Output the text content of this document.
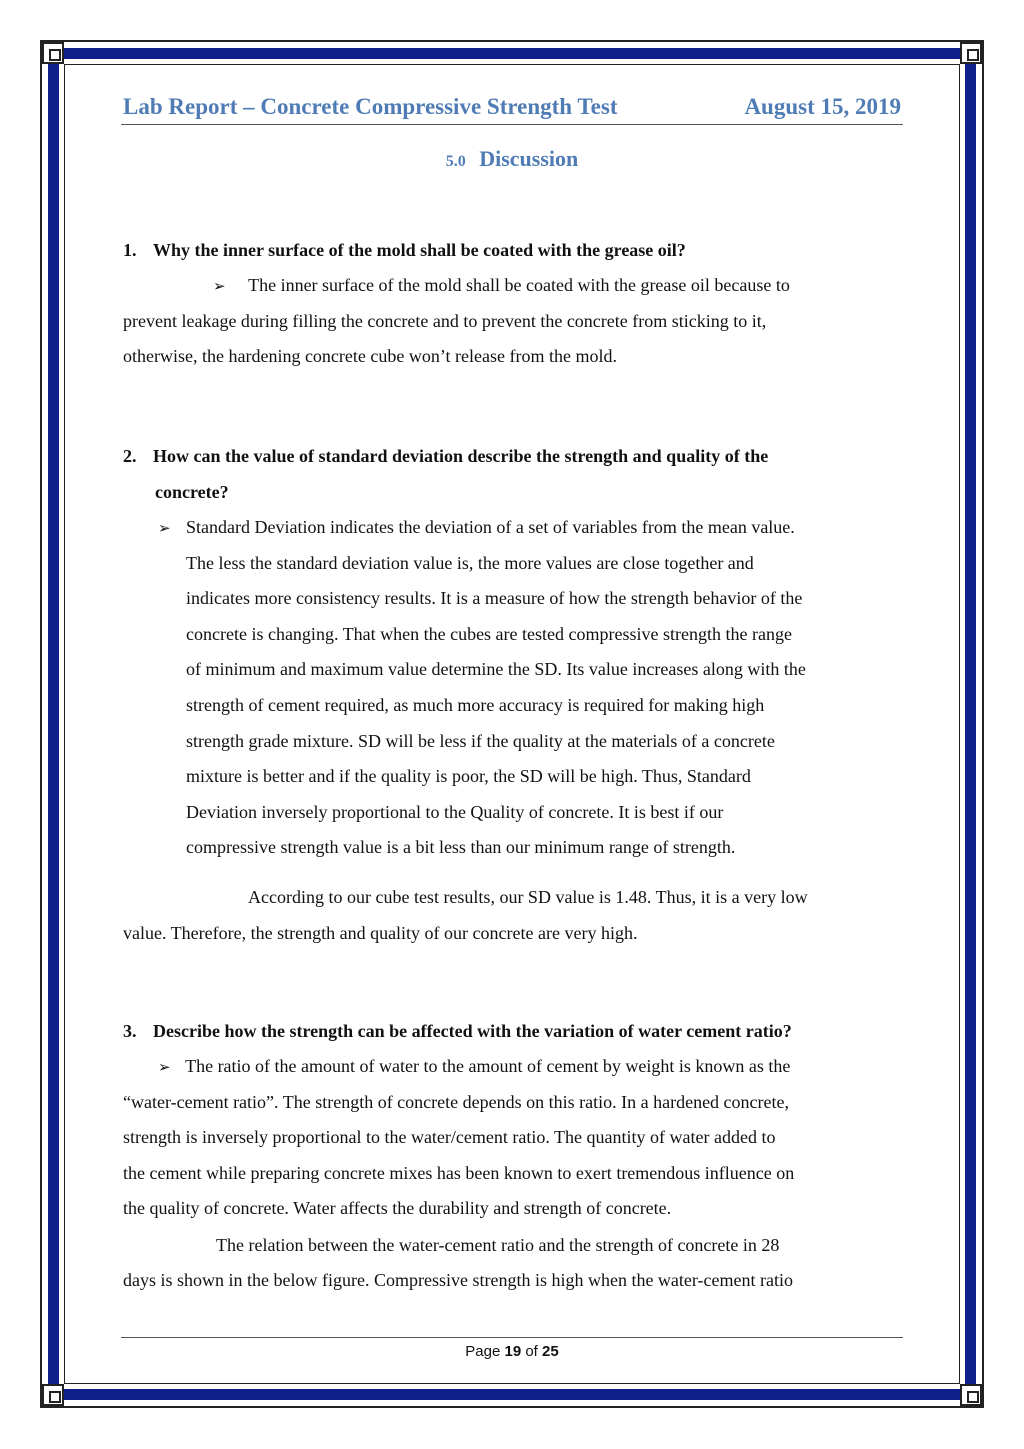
Lab Report – Concrete Compressive Strength Test	August 15, 2019
5.0 Discussion
1. Why the inner surface of the mold shall be coated with the grease oil?
➢ The inner surface of the mold shall be coated with the grease oil because to
prevent leakage during filling the concrete and to prevent the concrete from sticking to it,
otherwise, the hardening concrete cube won’t release from the mold.
2. How can the value of standard deviation describe the strength and quality of the
concrete?
➢ Standard Deviation indicates the deviation of a set of variables from the mean value.
The less the standard deviation value is, the more values are close together and
indicates more consistency results. It is a measure of how the strength behavior of the
concrete is changing. That when the cubes are tested compressive strength the range
of minimum and maximum value determine the SD. Its value increases along with the
strength of cement required, as much more accuracy is required for making high
strength grade mixture. SD will be less if the quality at the materials of a concrete
mixture is better and if the quality is poor, the SD will be high. Thus, Standard
Deviation inversely proportional to the Quality of concrete. It is best if our
compressive strength value is a bit less than our minimum range of strength.
According to our cube test results, our SD value is 1.48. Thus, it is a very low
value. Therefore, the strength and quality of our concrete are very high.
3. Describe how the strength can be affected with the variation of water cement ratio?
➢ The ratio of the amount of water to the amount of cement by weight is known as the
“water-cement ratio”. The strength of concrete depends on this ratio. In a hardened concrete,
strength is inversely proportional to the water/cement ratio. The quantity of water added to
the cement while preparing concrete mixes has been known to exert tremendous influence on
the quality of concrete. Water affects the durability and strength of concrete.
The relation between the water-cement ratio and the strength of concrete in 28
days is shown in the below figure. Compressive strength is high when the water-cement ratio
Page 19 of 25
